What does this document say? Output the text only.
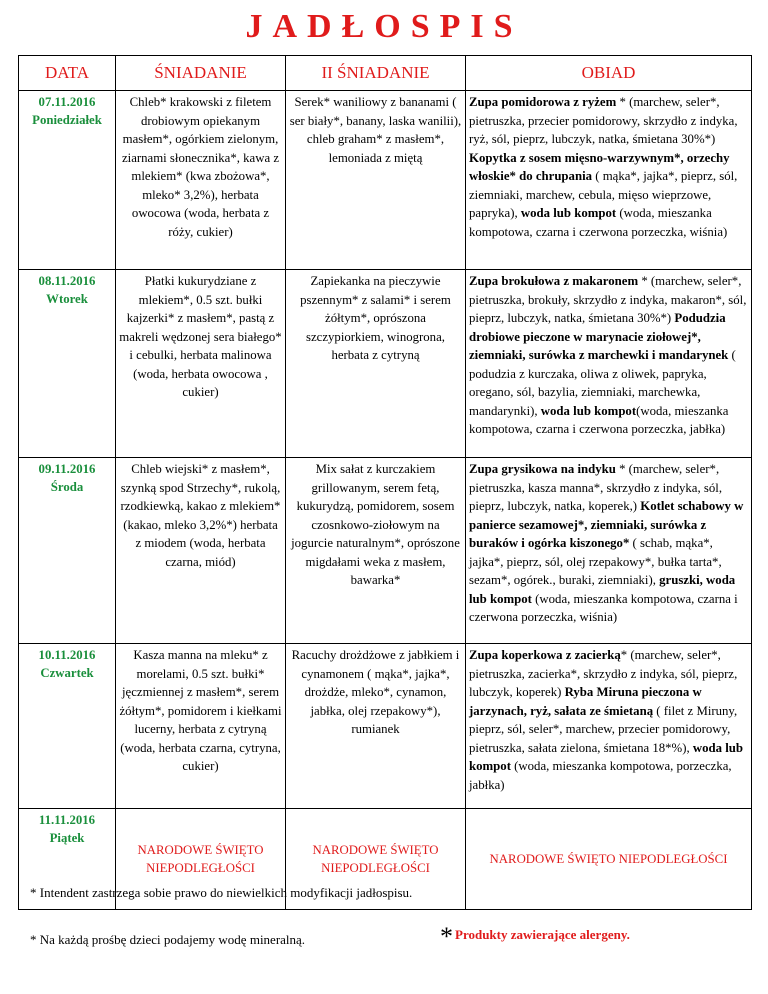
JADŁOSPIS
DATA	ŚNIADANIE	II ŚNIADANIE	OBIAD

07.11.2016
Poniedziałek	Chleb* krakowski z filetem drobiowym opiekanym masłem*, ogórkiem zielonym, ziarnami słonecznika*, kawa z mlekiem* (kwa zbożowa*, mleko* 3,2%), herbata owocowa (woda, herbata z róży, cukier)	Serek* waniliowy z bananami ( ser biały*, banany, laska wanilii), chleb graham* z masłem*, lemoniada z miętą	Zupa pomidorowa z ryżem * (marchew, seler*, pietruszka, przecier pomidorowy, skrzydło z indyka, ryż, sól, pieprz, lubczyk, natka, śmietana 30%*) Kopytka z sosem mięsno-warzywnym*, orzechy włoskie* do chrupania ( mąka*, jajka*, pieprz, sól, ziemniaki, marchew, cebula, mięso wieprzowe, papryka), woda lub kompot (woda, mieszanka kompotowa, czarna i czerwona porzeczka, wiśnia)

08.11.2016
Wtorek	Płatki kukurydziane z mlekiem*, 0.5 szt. bułki kajzerki* z masłem*, pastą z makreli wędzonej sera białego* i cebulki, herbata malinowa (woda, herbata owocowa , cukier)	Zapiekanka na pieczywie pszennym* z salami* i serem żółtym*, oprószona szczypiorkiem, winogrona, herbata z cytryną	Zupa brokułowa z makaronem * (marchew, seler*, pietruszka, brokuły, skrzydło z indyka, makaron*, sól, pieprz, lubczyk, natka, śmietana 30%*) Podudzia drobiowe pieczone w marynacie ziołowej*, ziemniaki, surówka z marchewki i mandarynek ( podudzia z kurczaka, oliwa z oliwek, papryka, oregano, sól, bazylia, ziemniaki, marchewka, mandarynki), woda lub kompot(woda, mieszanka kompotowa, czarna i czerwona porzeczka, jabłka)

09.11.2016
Środa	Chleb wiejski* z masłem*, szynką spod Strzechy*, rukolą, rzodkiewką, kakao z mlekiem*(kakao, mleko 3,2%*) herbata z miodem (woda, herbata czarna, miód)	Mix sałat z kurczakiem grillowanym, serem fetą, kukurydzą, pomidorem, sosem czosnkowo-ziołowym na jogurcie naturalnym*, oprószone migdałami weka z masłem, bawarka*	Zupa grysikowa na indyku * (marchew, seler*, pietruszka, kasza manna*, skrzydło z indyka, sól, pieprz, lubczyk, natka, koperek,) Kotlet schabowy w panierce sezamowej*, ziemniaki, surówka z buraków i ogórka kiszonego* ( schab, mąka*, jajka*, pieprz, sól, olej rzepakowy*, bułka tarta*, sezam*, ogórek., buraki, ziemniaki), gruszki, woda lub kompot (woda, mieszanka kompotowa, czarna i czerwona porzeczka, wiśnia)

10.11.2016
Czwartek	Kasza manna na mleku* z morelami, 0.5 szt. bułki* jęczmiennej z masłem*, serem żółtym*, pomidorem i kiełkami lucerny, herbata z cytryną (woda, herbata czarna, cytryna, cukier)	Racuchy drożdżowe z jabłkiem i cynamonem ( mąka*, jajka*, drożdże, mleko*, cynamon, jabłka, olej rzepakowy*), rumianek	Zupa koperkowa z zacierką* (marchew, seler*, pietruszka, zacierka*, skrzydło z indyka, sól, pieprz, lubczyk, koperek) Ryba Miruna pieczona w jarzynach, ryż, sałata ze śmietaną ( filet z Miruny, pieprz, sól, seler*, marchew, przecier pomidorowy, pietruszka, sałata zielona, śmietana 18*%), woda lub kompot (woda, mieszanka kompotowa, porzeczka, jabłka)

11.11.2016
Piątek	NARODOWE ŚWIĘTO NIEPODLEGŁOŚCI	NARODOWE ŚWIĘTO NIEPODLEGŁOŚCI	NARODOWE ŚWIĘTO NIEPODLEGŁOŚCI
* Intendent zastrzega sobie prawo do niewielkich modyfikacji jadłospisu.
* Na każdą prośbę dzieci podajemy wodę mineralną.	* Produkty zawierające alergeny.
